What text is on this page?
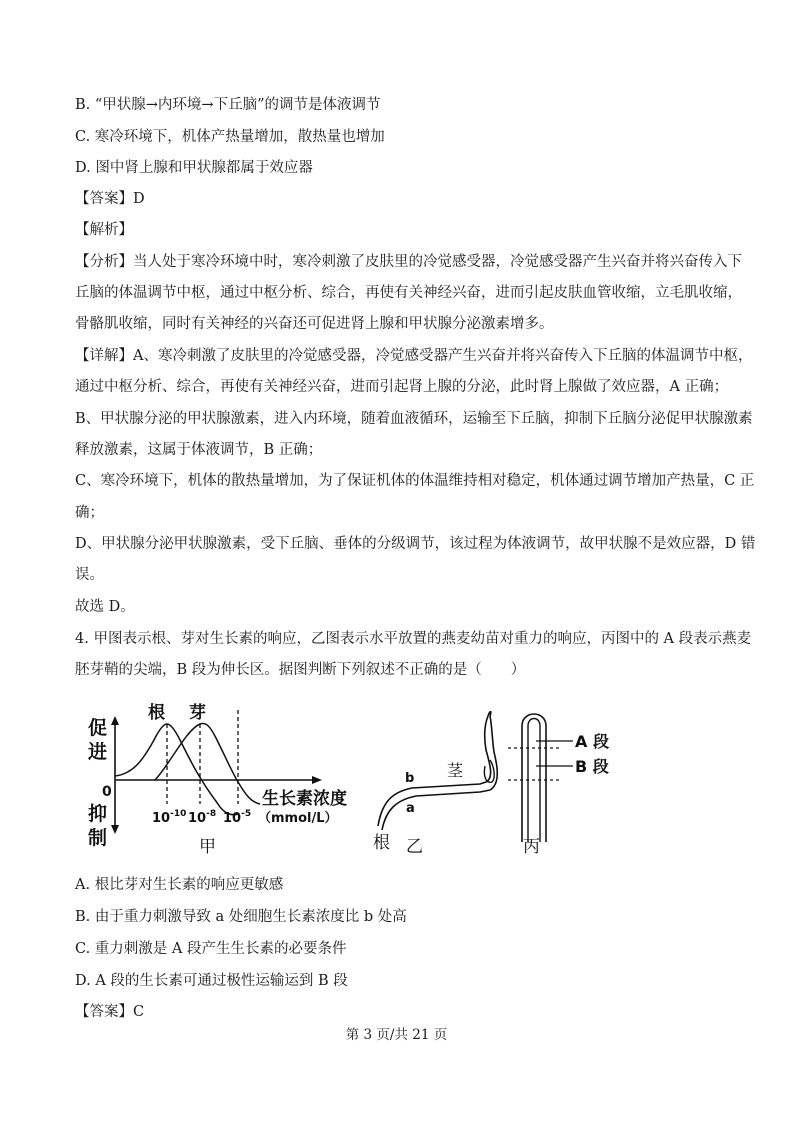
B. “甲状腺→内环境→下丘脑”的调节是体液调节
C. 寒冷环境下，机体产热量增加，散热量也增加
D. 图中肾上腺和甲状腺都属于效应器
【答案】D
【解析】
【分析】当人处于寒冷环境中时，寒冷刺激了皮肤里的冷觉感受器，冷觉感受器产生兴奋并将兴奋传入下
丘脑的体温调节中枢，通过中枢分析、综合，再使有关神经兴奋，进而引起皮肤血管收缩，立毛肌收缩，
骨骼肌收缩，同时有关神经的兴奋还可促进肾上腺和甲状腺分泌激素增多。
【详解】A、寒冷刺激了皮肤里的冷觉感受器，冷觉感受器产生兴奋并将兴奋传入下丘脑的体温调节中枢，
通过中枢分析、综合，再使有关神经兴奋，进而引起肾上腺的分泌，此时肾上腺做了效应器，A 正确；
B、甲状腺分泌的甲状腺激素，进入内环境，随着血液循环，运输至下丘脑，抑制下丘脑分泌促甲状腺激素
释放激素，这属于体液调节，B 正确；
C、寒冷环境下，机体的散热量增加，为了保证机体的体温维持相对稳定，机体通过调节增加产热量，C 正
确；
D、甲状腺分泌甲状腺激素，受下丘脑、垂体的分级调节，该过程为体液调节，故甲状腺不是效应器，D 错
误。
故选 D。
4. 甲图表示根、芽对生长素的响应，乙图表示水平放置的燕麦幼苗对重力的响应，丙图中的 A 段表示燕麦
胚芽鞘的尖端，B 段为伸长区。据图判断下列叙述不正确的是（　　）
促
进
0
抑
制
根 芽
$10^{-10}$ $10^{-8}$ $10^{-5}$
生长素浓度
（mmol/L）
甲
b
a
茎
根 乙
A 段
B 段
丙
A. 根比芽对生长素的响应更敏感
B. 由于重力刺激导致 a 处细胞生长素浓度比 b 处高
C. 重力刺激是 A 段产生生长素的必要条件
D. A 段的生长素可通过极性运输运到 B 段
【答案】C
第 3 页/共 21 页
